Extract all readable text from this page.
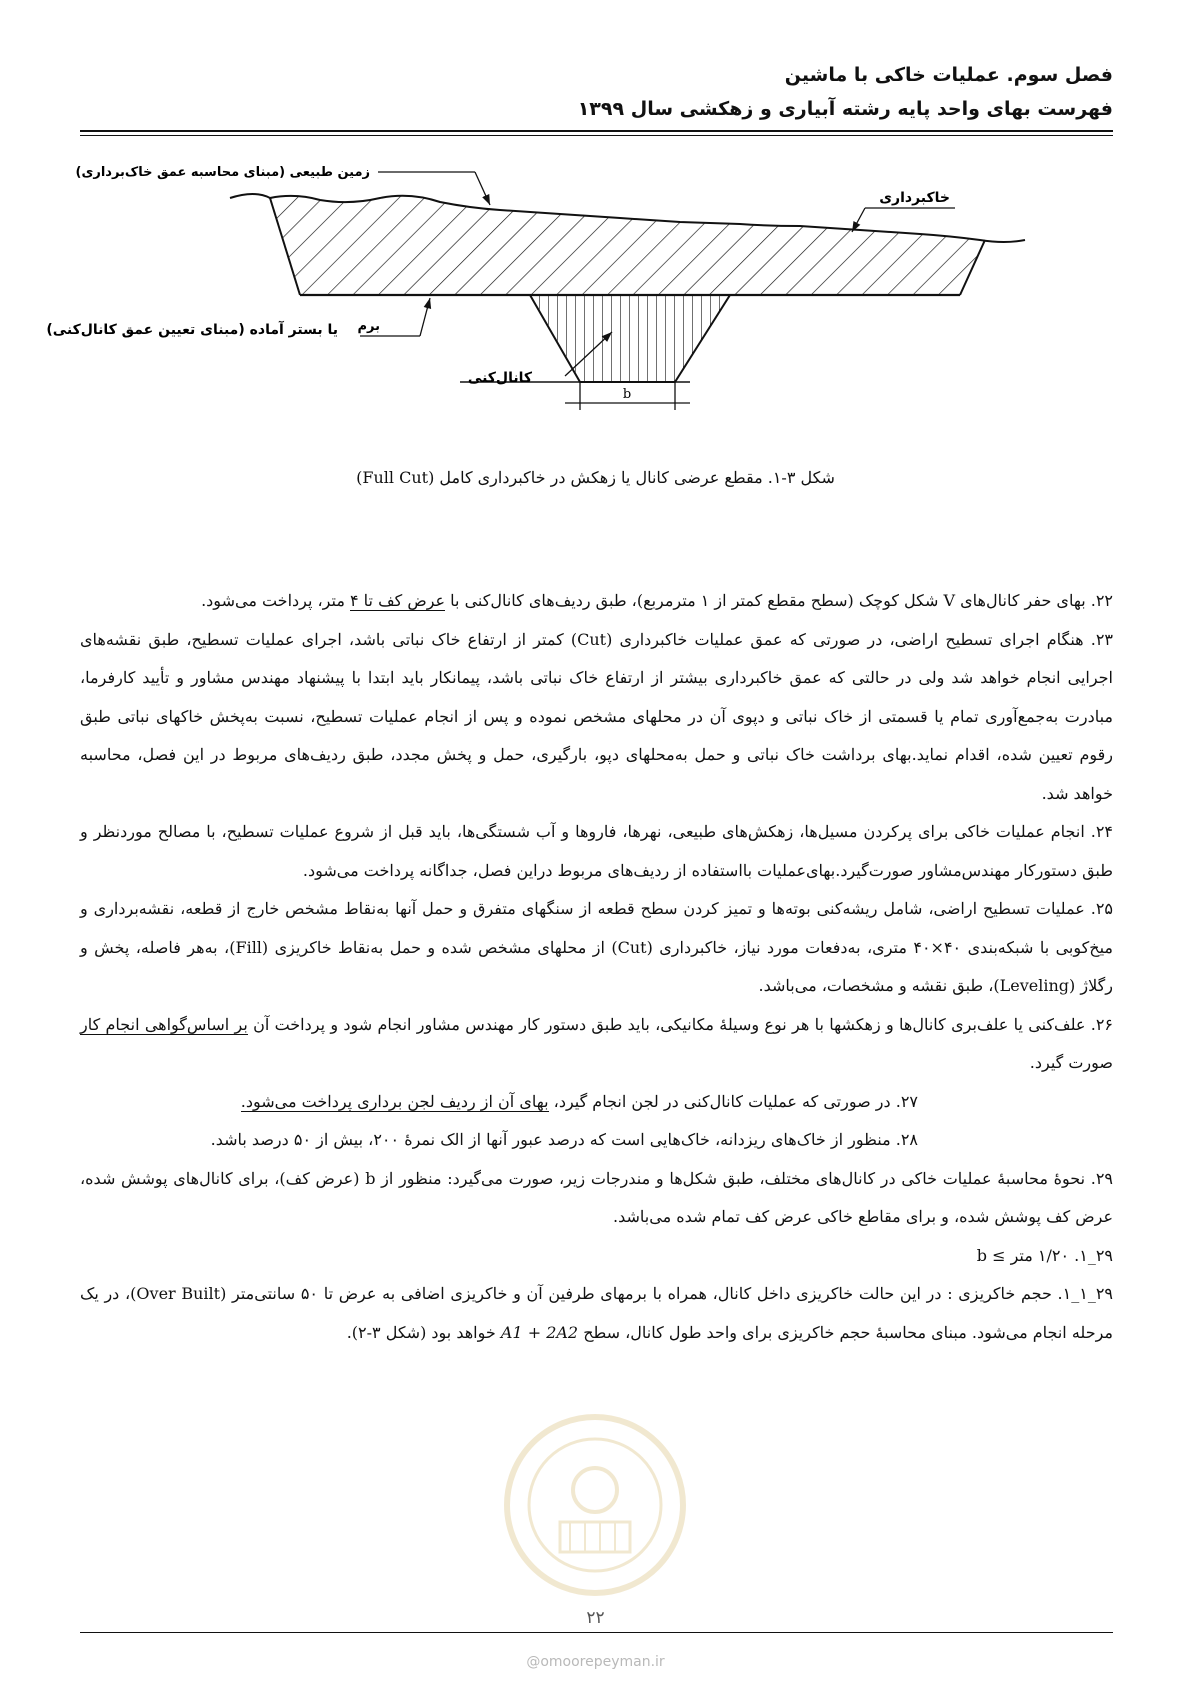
فصل سوم. عملیات خاکی با ماشین
فهرست بهای واحد پایه رشته آبیاری و زهکشی سال ۱۳۹۹
b
زمین طبیعی (مبنای محاسبه عمق خاک‌برداری)
خاکبرداری
یا بستر آماده (مبنای تعیین عمق کانال‌کنی) برم
کانال‌کنی
شکل ۳-۱. مقطع عرضی کانال یا زهکش در خاکبرداری کامل (Full Cut)

۲۲. بهای حفر کانال‌های V شکل کوچک (سطح مقطع کمتر از ۱ مترمربع)، طبق ردیف‌های کانال‌کنی با عرض کف تا ۴ متر، پرداخت می‌شود.

۲۳. هنگام اجرای تسطیح اراضی، در صورتی که عمق عملیات خاکبرداری (Cut) کمتر از ارتفاع خاک نباتی باشد، اجرای عملیات تسطیح، طبق نقشه‌های اجرایی انجام خواهد شد ولی در حالتی که عمق خاکبرداری بیشتر از ارتفاع خاک نباتی باشد، پیمانکار باید ابتدا با پیشنهاد مهندس مشاور و تأیید کارفرما، مبادرت به‌جمع‌آوری تمام یا قسمتی از خاک نباتی و دپوی آن در محلهای مشخص نموده و پس از انجام عملیات تسطیح، نسبت به‌پخش خاکهای نباتی طبق رقوم تعیین شده، اقدام نماید.بهای برداشت خاک نباتی و حمل به‌محلهای دپو، بارگیری، حمل و پخش مجدد، طبق ردیف‌های مربوط در این فصل، محاسبه خواهد شد.

۲۴. انجام عملیات خاکی برای پرکردن مسیل‌ها، زهکش‌های طبیعی، نهرها، فاروها و آب شستگی‌ها، باید قبل از شروع عملیات تسطیح، با مصالح موردنظر و طبق دستورکار مهندس‌مشاور صورت‌گیرد.بهای‌عملیات بااستفاده از ردیف‌های مربوط دراین فصل، جداگانه پرداخت می‌شود.

۲۵. عملیات تسطیح اراضی، شامل ریشه‌کنی بوته‌ها و تمیز کردن سطح قطعه از سنگهای متفرق و حمل آنها به‌نقاط مشخص خارج از قطعه، نقشه‌برداری و میخ‌کوبی با شبکه‌بندی ۴۰×۴۰ متری، به‌دفعات مورد نیاز، خاکبرداری (Cut) از محلهای مشخص شده و حمل به‌نقاط خاکریزی (Fill)، به‌هر فاصله، پخش و رگلاژ (Leveling)، طبق نقشه و مشخصات، می‌باشد.

۲۶. علف‌کنی یا علف‌بری کانال‌ها و زهکشها با هر نوع وسیلهٔ مکانیکی، باید طبق دستور کار مهندس مشاور انجام شود و پرداخت آن بر اساس‌گواهی انجام کار صورت گیرد.

۲۷. در صورتی که عملیات کانال‌کنی در لجن انجام گیرد، بهای آن از ردیف لجن برداری پرداخت می‌شود.

۲۸. منظور از خاک‌های ریزدانه، خاک‌هایی است که درصد عبور آنها از الک نمرهٔ ۲۰۰، بیش از ۵۰ درصد باشد.

۲۹. نحوهٔ محاسبهٔ عملیات خاکی در کانال‌های مختلف، طبق شکل‌ها و مندرجات زیر، صورت می‌گیرد: منظور از b (عرض کف)، برای کانال‌های پوشش شده، عرض کف پوشش شده، و برای مقاطع خاکی عرض کف تمام شده می‌باشد.

۲۹_۱. ۱/۲۰ متر ≥ b

۲۹_۱_۱. حجم خاکریزی : در این حالت خاکریزی داخل کانال، همراه با برمهای طرفین آن و خاکریزی اضافی به عرض تا ۵۰ سانتی‌متر (Over Built)، در یک مرحله انجام می‌شود. مبنای محاسبهٔ حجم خاکریزی برای واحد طول کانال، سطح A1 + 2A2 خواهد بود (شکل ۳-۲).

۲۲
@omoorepeyman.ir
